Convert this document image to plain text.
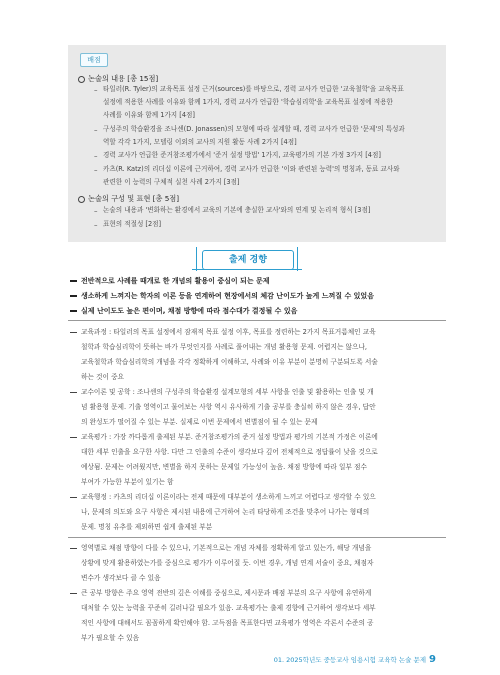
배점
논술의 내용 [총 15점]
– 타일러(R. Tyler)의 교육목표 설정 근거(sources)를 바탕으로, 경력 교사가 언급한 '교육철학'을 교육목표
설정에 적용한 사례를 이유와 함께 1가지, 경력 교사가 언급한 '학습심리학'을 교육목표 설정에 적용한
사례를 이유와 함께 1가지 [4점]
– 구성주의 학습환경을 조나센(D. Jonassen)의 모형에 따라 설계할 때, 경력 교사가 언급한 '문제'의 특성과
역할 각각 1가지, 모델링 이외의 교사의 지원 활동 사례 2가지 [4점]
– 경력 교사가 언급한 준거참조평가에서 '준거 설정 방법' 1가지, 교육평가의 기본 가정 3가지 [4점]
– 카츠(R. Katz)의 리더십 이론에 근거하여, 경력 교사가 언급한 '이와 관련된 능력'의 명칭과, 동료 교사와
관련한 이 능력의 구체적 실천 사례 2가지 [3점]
논술의 구성 및 표현 [총 5점]
– 논술의 내용과 '변화하는 환경에서 교육의 기본에 충실한 교사'와의 연계 및 논리적 형식 [3점]
– 표현의 적절성 [2점]
출제 경향
전반적으로 사례를 때개로 한 개념의 활용이 중심이 되는 문제
생소하게 느껴지는 학자의 이론 등을 연계하여 현장에서의 체감 난이도가 높게 느껴질 수 있었음
실제 난이도도 높은 편이며, 채점 방향에 따라 점수대가 결정될 수 있음
교육과정 : 타일러의 목표 설정에서 잠재적 목표 설정 이후, 목표를 정련하는 2가지 목표거름체인 교육
철학과 학습심리학이 뜻하는 바가 무엇인지를 사례로 풀어내는 개념 활용형 문제. 어렵지는 않으나,
교육철학과 학습심리학의 개념을 각각 정확하게 이해하고, 사례와 이유 부분이 분명히 구분되도록 서술
하는 것이 중요
교수이론 및 공학 : 조나센의 구성주의 학습환경 설계모형의 세부 사항을 인출 및 활용하는 인출 및 개
념 활용형 문제. 기출 영역이고 물어보는 사항 역시 유사하게 기출 공부를 충실히 하지 않은 경우, 답안
의 완성도가 떨어질 수 있는 부분. 실제로 이번 문제에서 변별점이 될 수 있는 문제
교육평가 : 가장 까다롭게 출제된 부분. 준거참조평가의 준거 설정 방법과 평가의 기본적 가정은 이론에
대한 세부 인출을 요구한 사항. 다만 그 인출의 수준이 생각보다 깊어 전체적으로 정답률이 낮을 것으로
예상됨. 문제는 어려웠지만, 변별을 하지 못하는 문제일 가능성이 높음. 채점 방향에 따라 일부 점수
부여가 가능한 부분이 있기는 함
교육행정 : 카츠의 리더십 이론이라는 전제 때문에 대부분이 생소하게 느끼고 어렵다고 생각할 수 있으
나, 문제의 의도와 요구 사항은 제시된 내용에 근거하여 논리 타당하게 조건을 맞추어 나가는 형태의
문제. 명칭 유추를 제외하면 쉽게 출제된 부분
영역별로 채점 방향이 다를 수 있으나, 기본적으로는 개념 자체를 정확하게 알고 있는가, 해당 개념을
상황에 맞게 활용하였는가를 중심으로 평가가 이루어질 듯. 이번 경우, 개념 연계 서술이 중요, 채점자
변수가 생각보다 클 수 있음
큰 공부 방향은 주요 영역 전반의 깊은 이해를 중심으로, 제시문과 배점 부분의 요구 사항에 유연하게
대처할 수 있는 능력을 꾸준히 길러나갈 필요가 있음. 교육평가는 출제 경향에 근거하여 생각보다 세부
적인 사항에 대해서도 꼼꼼하게 확인해야 함. 고득점을 목표한다면 교육평가 영역은 각론서 수준의 공
부가 필요할 수 있음
01. 2025학년도 중등교사 임용시험 교육학 논술 문제 9
